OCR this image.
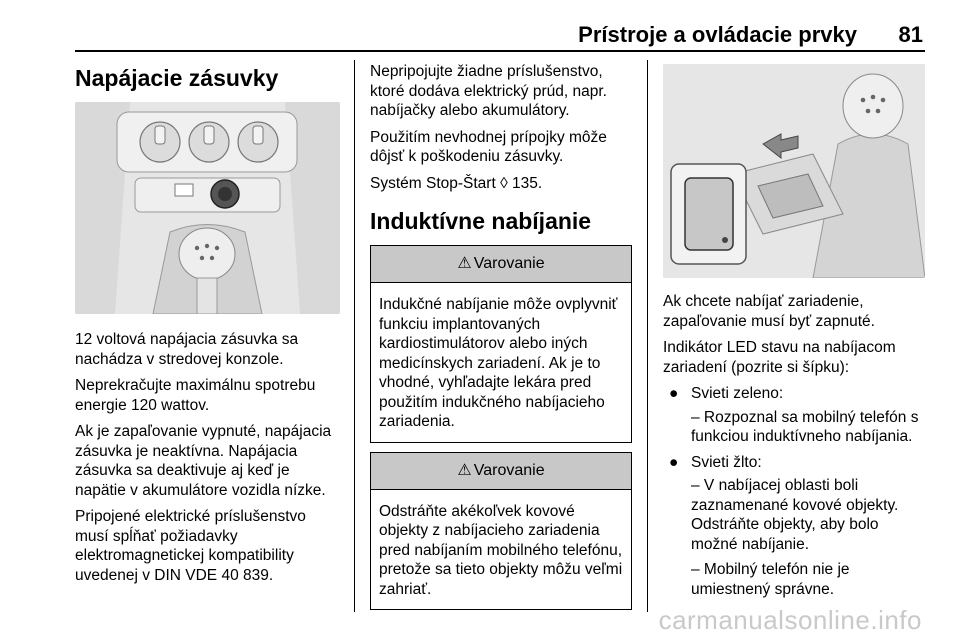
Prístroje a ovládacie prvky 81
Napájacie zásuvky

12 voltová napájacia zásuvka sa nachádza v stredovej konzole.

Neprekračujte maximálnu spotrebu energie 120 wattov.

Ak je zapaľovanie vypnuté, napájacia zásuvka je neaktívna. Napájacia zásuvka sa deaktivuje aj keď je napätie v akumulátore vozidla nízke.

Pripojené elektrické príslušenstvo musí spĺňať požiadavky elektromagnetickej kompatibility uvedenej v DIN VDE 40 839.

Nepripojujte žiadne príslušenstvo, ktoré dodáva elektrický prúd, napr. nabíjačky alebo akumulátory.

Použitím nevhodnej prípojky môže dôjsť k poškodeniu zásuvky.

Systém Stop-Štart ◊ 135.

Induktívne nabíjanie
⚠ Varovanie
Indukčné nabíjanie môže ovplyvniť funkciu implantovaných kardiostimulátorov alebo iných medicínskych zariadení. Ak je to vhodné, vyhľadajte lekára pred použitím indukčného nabíjacieho zariadenia.
⚠ Varovanie
Odstráňte akékoľvek kovové objekty z nabíjacieho zariadenia pred nabíjaním mobilného telefónu, pretože sa tieto objekty môžu veľmi zahriať.

Ak chcete nabíjať zariadenie, zapaľovanie musí byť zapnuté.

Indikátor LED stavu na nabíjacom zariadení (pozrite si šípku):

● Svieti zeleno:
– Rozpoznal sa mobilný telefón s funkciou induktívneho nabíjania.
● Svieti žlto:
– V nabíjacej oblasti boli zaznamenané kovové objekty. Odstráňte objekty, aby bolo možné nabíjanie.
– Mobilný telefón nie je umiestnený správne.
carmanualsonline.info
